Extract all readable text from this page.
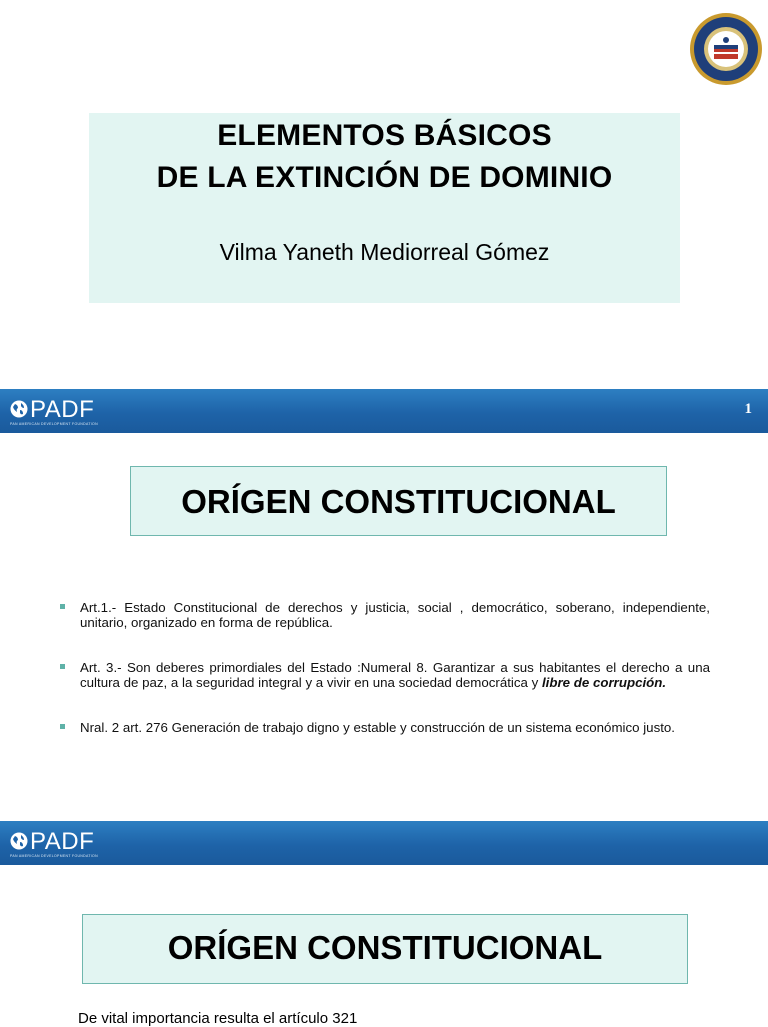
ELEMENTOS BÁSICOS
DE LA EXTINCIÓN DE DOMINIO
Vilma Yaneth Mediorreal Gómez
PADF
PAN AMERICAN DEVELOPMENT FOUNDATION
1
ORÍGEN CONSTITUCIONAL
Art.1.- Estado Constitucional de derechos y justicia, social , democrático, soberano, independiente, unitario, organizado en forma de república.
Art. 3.- Son deberes primordiales del Estado :Numeral 8. Garantizar a sus habitantes el derecho a una cultura de paz, a la seguridad integral y a vivir en una sociedad democrática y libre de corrupción.
Nral. 2 art. 276 Generación de trabajo digno y estable y construcción de un sistema económico justo.
PADF
PAN AMERICAN DEVELOPMENT FOUNDATION
ORÍGEN CONSTITUCIONAL
De vital importancia resulta el artículo 321
